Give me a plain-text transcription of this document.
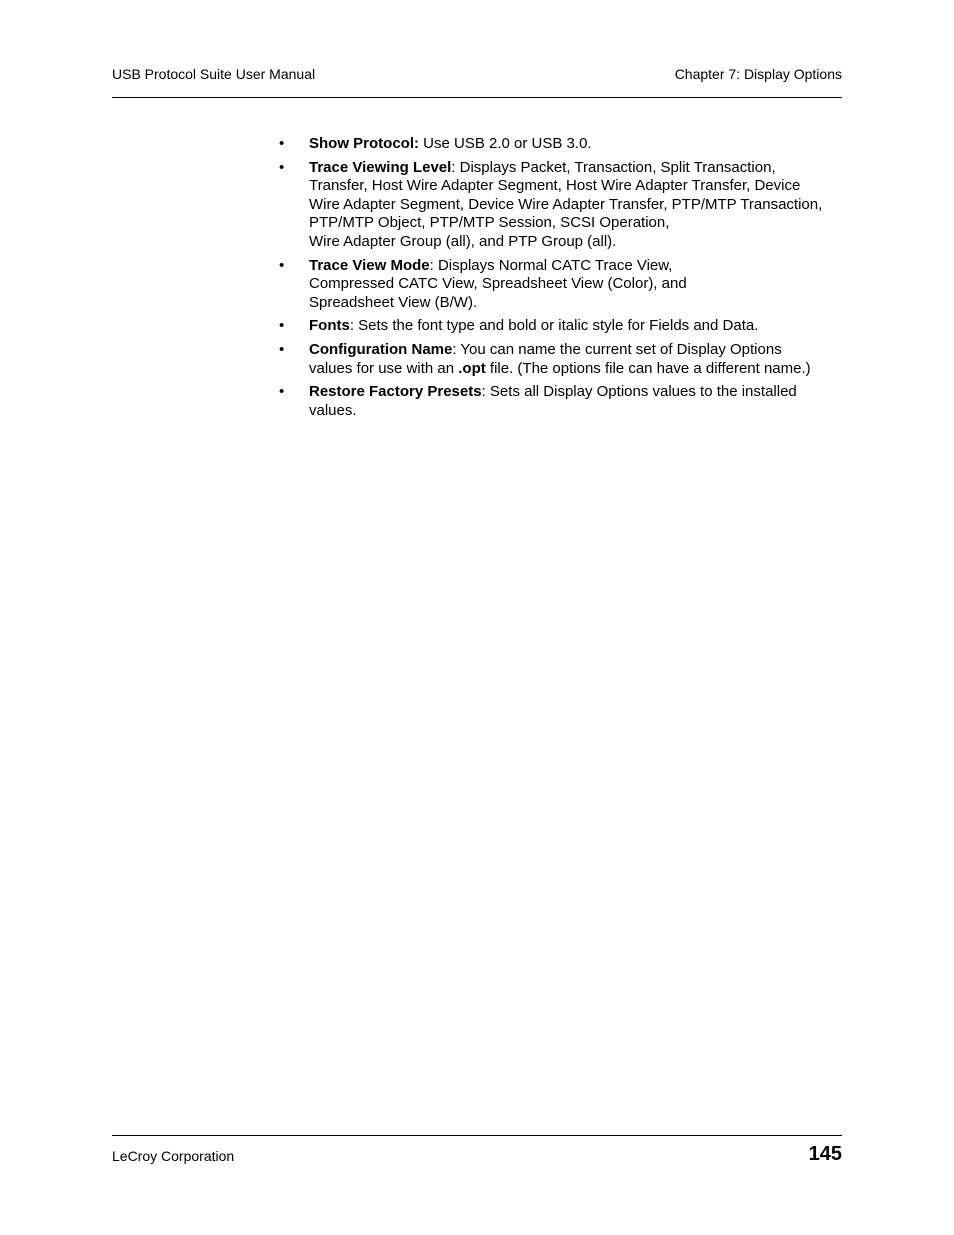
USB Protocol Suite User Manual	Chapter 7: Display Options
• Show Protocol: Use USB 2.0 or USB 3.0.
• Trace Viewing Level: Displays Packet, Transaction, Split Transaction,
Transfer, Host Wire Adapter Segment, Host Wire Adapter Transfer, Device
Wire Adapter Segment, Device Wire Adapter Transfer, PTP/MTP Transaction,
PTP/MTP Object, PTP/MTP Session, SCSI Operation,
Wire Adapter Group (all), and PTP Group (all).
• Trace View Mode: Displays Normal CATC Trace View,
Compressed CATC View, Spreadsheet View (Color), and
Spreadsheet View (B/W).
• Fonts: Sets the font type and bold or italic style for Fields and Data.
• Configuration Name: You can name the current set of Display Options
values for use with an .opt file. (The options file can have a different name.)
• Restore Factory Presets: Sets all Display Options values to the installed
values.
LeCroy Corporation	145
